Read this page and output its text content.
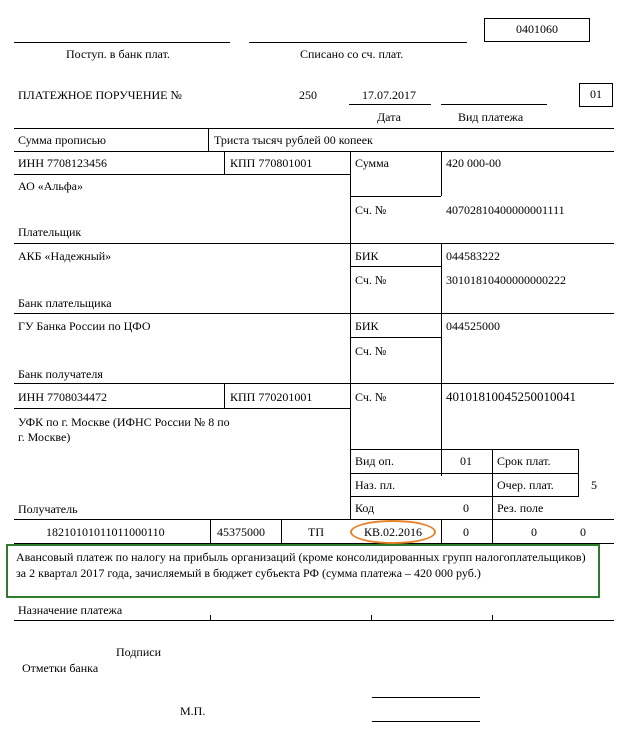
0401060
Поступ. в банк плат.	Списано со сч. плат.
ПЛАТЕЖНОЕ ПОРУЧЕНИЕ №	250	17.07.2017
Дата	Вид платежа
01
Сумма прописью	Триста тысяч рублей 00 копеек
ИНН 7708123456	КПП 770801001	Сумма	420 000-00
АО «Альфа»
Сч. №	40702810400000001111
Плательщик
АКБ «Надежный»	БИК	044583222
Сч. №	30101810400000000222
Банк плательщика
ГУ Банка России по ЦФО	БИК	044525000
Сч. №
Банк получателя
ИНН 7708034472	КПП 770201001	Сч. №	40101810045250010041
УФК по г. Москве (ИФНС России № 8 по
г. Москве)
Получатель
Вид оп.	01 Срок плат.
Наз. пл.	Очер. плат.	5
Код	0 Рез. поле
18210101011011000110	45375000	ТП	КВ.02.2016	0	0	0
Авансовый платеж по налогу на прибыль организаций (кроме консолидированных групп налогоплательщиков) за 2 квартал 2017 года, зачисляемый в бюджет субъекта РФ (сумма платежа – 420 000 руб.)
Назначение платежа
Подписи
Отметки банка
М.П.
